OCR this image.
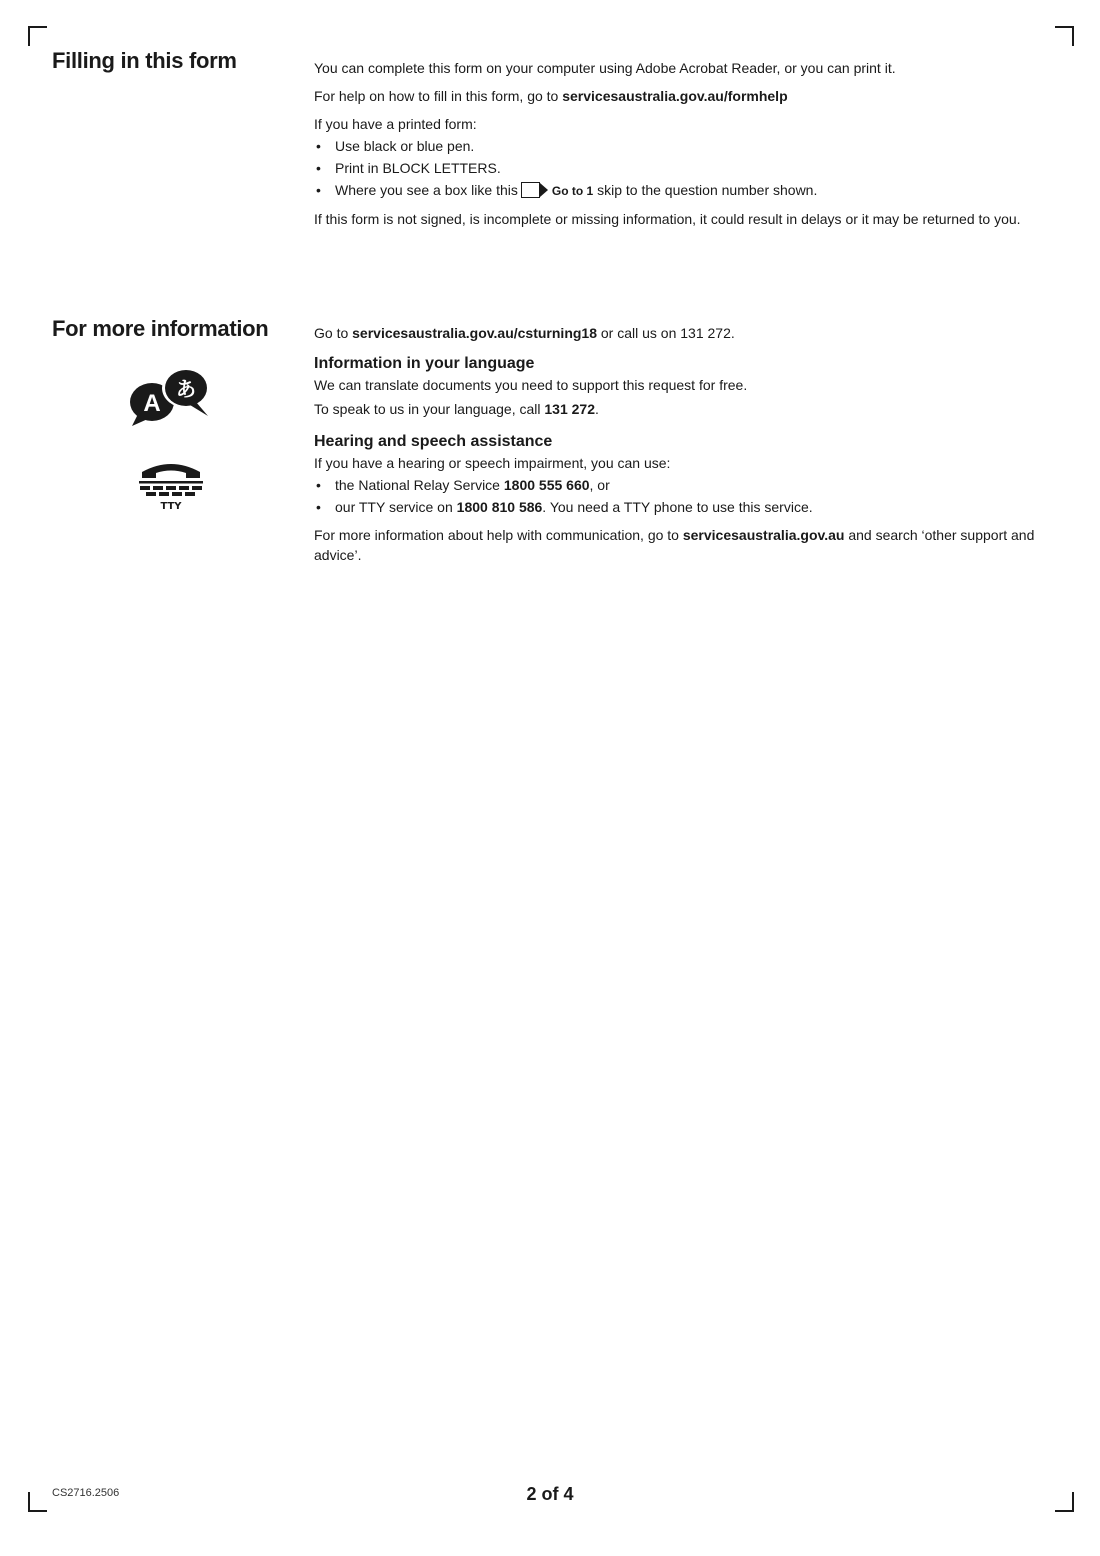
Filling in this form	You can complete this form on your computer using Adobe Acrobat Reader, or you can print it.

For help on how to fill in this form, go to servicesaustralia.gov.au/formhelp

If you have a printed form:

• Use black or blue pen.
• Print in BLOCK LETTERS.
• Where you see a box like this	Go to 1 skip to the question number shown.

If this form is not signed, is incomplete or missing information, it could result in delays or it may be returned to you.

For more information	Go to servicesaustralia.gov.au/csturning18 or call us on 131 272.

Information in your language

We can translate documents you need to support this request for free.

To speak to us in your language, call 131 272.

Hearing and speech assistance

If you have a hearing or speech impairment, you can use:

• the National Relay Service 1800 555 660, or
• our TTY service on 1800 810 586. You need a TTY phone to use this service.

For more information about help with communication, go to servicesaustralia.gov.au and search ‘other support and advice’.

A
あ
TTY
CS2716.2506	2 of 4
